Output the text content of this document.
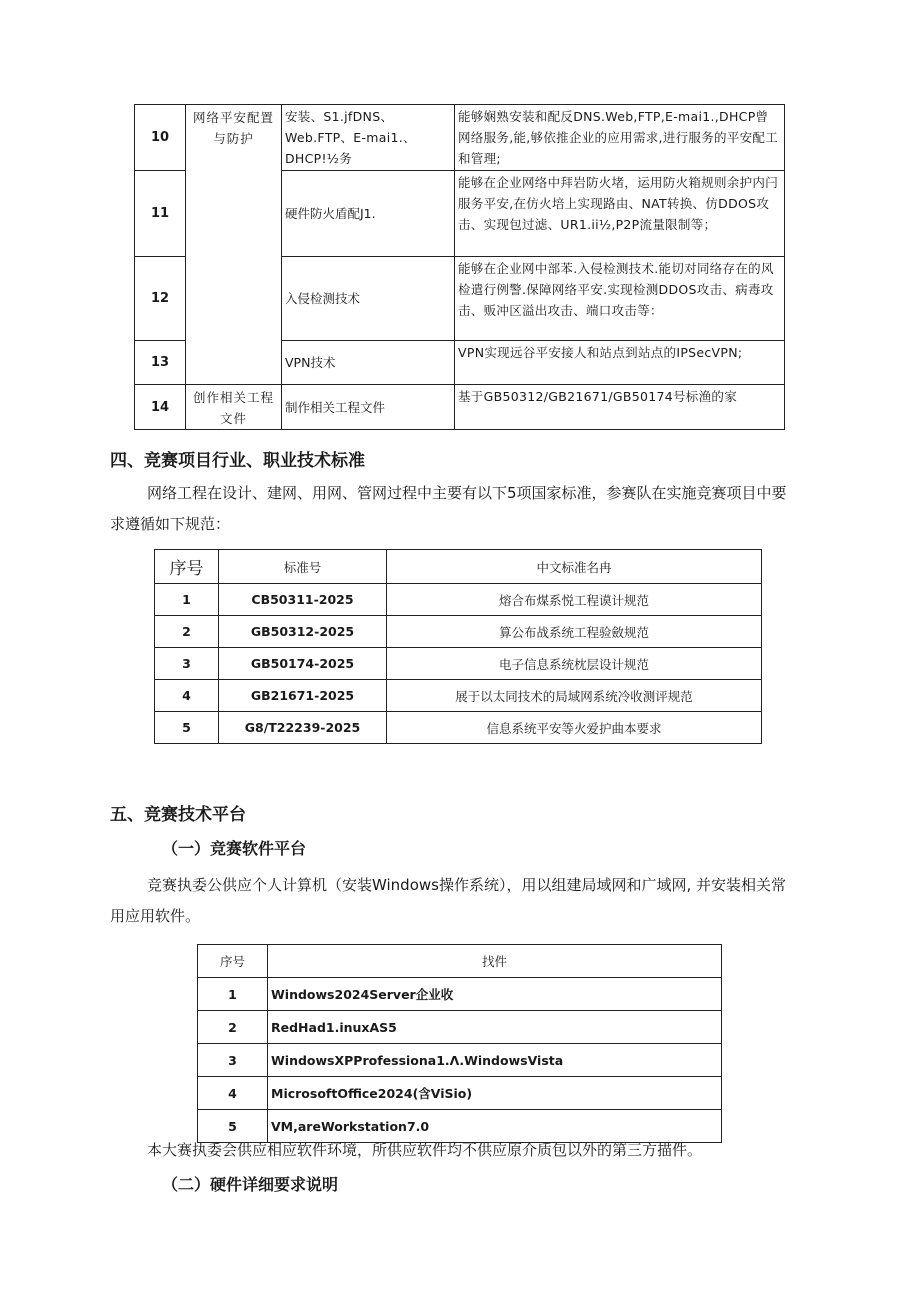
10	网络平安配置与防护	安装、S1.jfDNS、Web.FTP、E-mai1.、DHCP!½务	能够娴熟安装和配反DNS.Web,FTP,E-mai1.,DHCP曾网络服务,能,够依推企业的应用需求,进行服务的平安配工和管理;
11		硬件防火盾配J1.	能够在企业网络中拜岩防火堵，运用防火箱规则余护内闩服务平安,在仿火培上实现路由、NAT转换、仿DDOS攻击、实现包过滤、UR1.ii½,P2P流量限制等；
12		入侵检测技术	能够在企业网中部苯.入侵检测技术.能切对同络存在的风检遣行例警.保障网络平安.实现检测DDOS攻击、病毒攻击、贩冲区溢出攻击、端口攻击等：
13		VPN技术	VPN实现远谷平安接人和站点到站点的IPSecVPN;
14	创作相关工程文件	制作相关工程文件	基于GB50312/GB21671/GB50174号标渔的家
四、竞赛项目行业、职业技术标准
网络工程在设计、建网、用网、管网过程中主要有以下5项国家标准，参赛队在实施竞赛项目中要求遵循如下规范：
序号	标准号	中文标准名冉
1	CB50311-2025	熔合布煤系悦工程谟计规范
2	GB50312-2025	算公布战系统工程验斂规范
3	GB50174-2025	电子信息系统枕层设计规范
4	GB21671-2025	展于以太同技术的局域网系统冷收测评规范
5	G8/T22239-2025	信息系统平安等火爱护曲本要求
五、竞赛技术平台
（一）竞赛软件平台
竞赛执委公供应个人计算机（安装Windows操作系统），用以组建局域网和广域网, 并安装相关常用应用软件。
序号	找件
1	Windows2024Server企业收
2	RedHad1.inuxAS5
3	WindowsXPProfessiona1.Λ.WindowsVista
4	MicrosoftOffice2024(含ViSio)
5	VM,areWorkstation7.0
本大赛执委会供应相应软件环境，所供应软件均不供应原介质包以外的第三方描件。
（二）硬件详细要求说明
